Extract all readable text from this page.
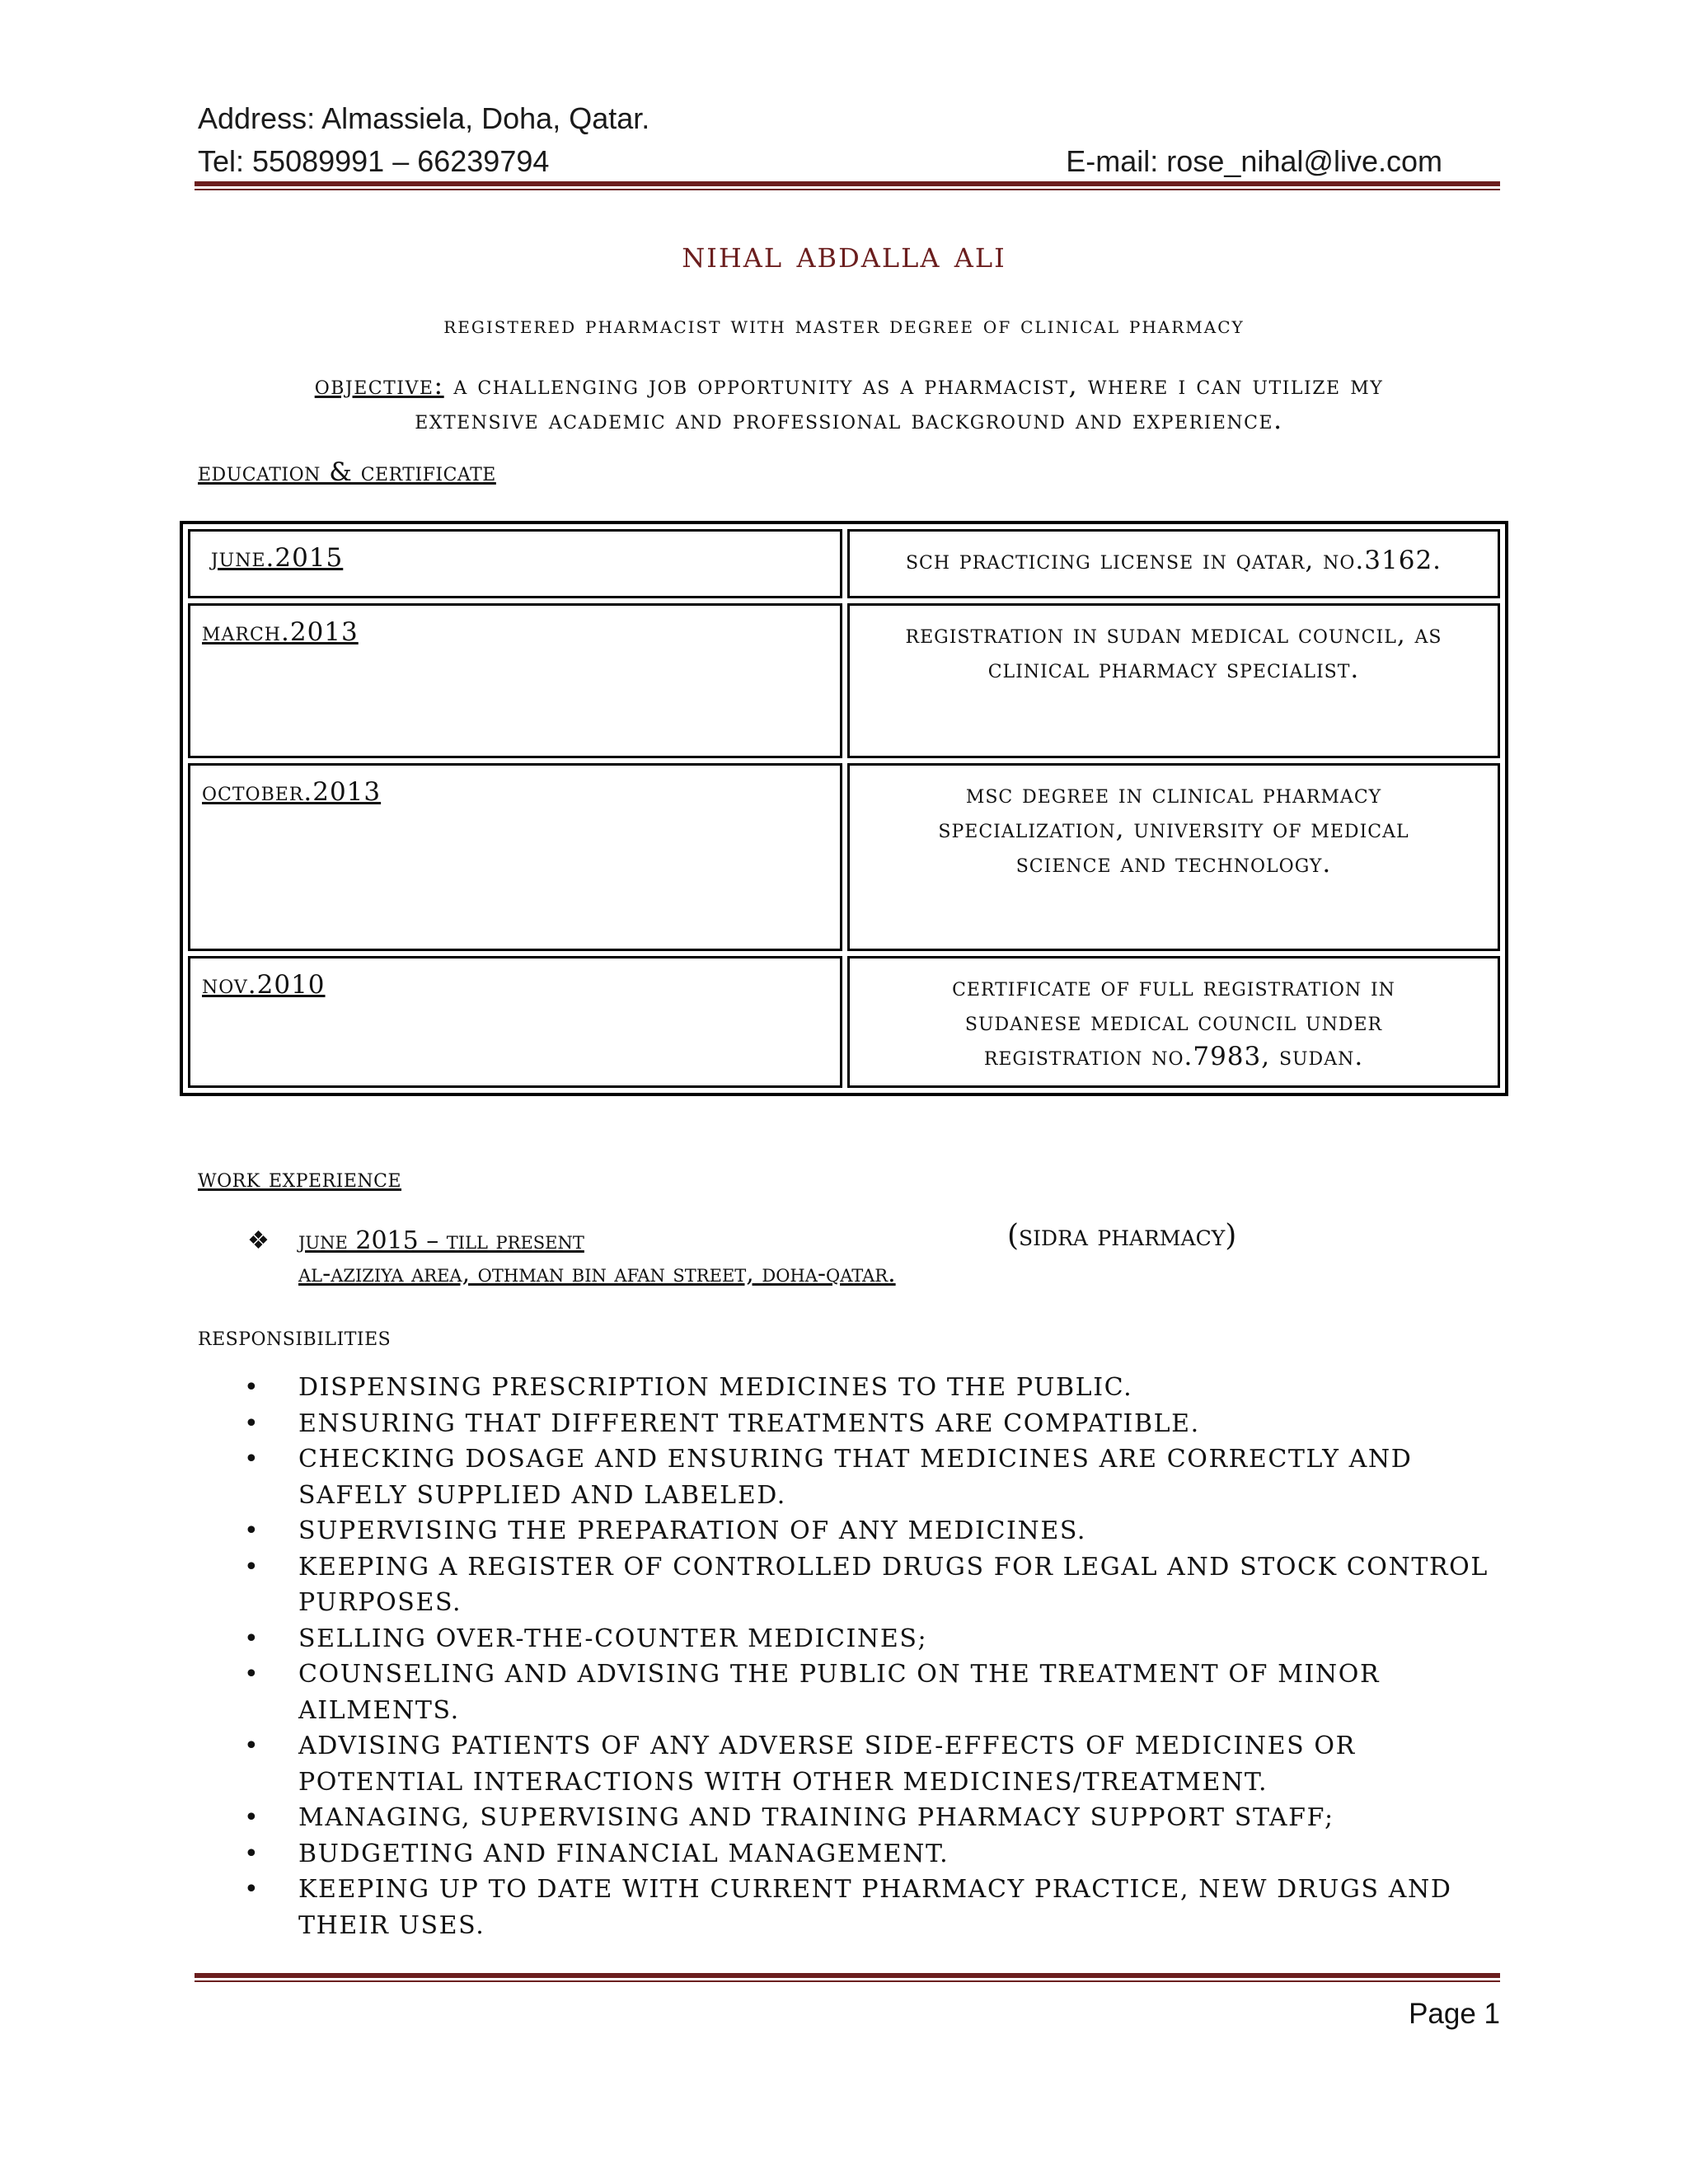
Address: Almassiela, Doha, Qatar.
Tel: 55089991 – 66239794	E-mail: rose_nihal@live.com
nihal abdalla ali
registered pharmacist with master degree of clinical pharmacy
objective: a challenging job opportunity as a pharmacist, where i can utilize my
extensive academic and professional background and experience.
education & certificate
june.2015	sch practicing license in qatar, no.3162.

march.2013	registration in sudan medical council, as
clinical pharmacy specialist.

october.2013	msc degree in clinical pharmacy
specialization, university of medical
science and technology.

nov.2010	certificate of full registration in
sudanese medical council under
registration no.7983, sudan.
work experience
❖ june 2015 – till present	(sidra pharmacy)
al-aziziya area, othman bin afan street, doha-qatar.
responsibilities
• DISPENSING PRESCRIPTION MEDICINES TO THE PUBLIC.
• ENSURING THAT DIFFERENT TREATMENTS ARE COMPATIBLE.
• CHECKING DOSAGE AND ENSURING THAT MEDICINES ARE CORRECTLY AND SAFELY SUPPLIED AND LABELED.
• SUPERVISING THE PREPARATION OF ANY MEDICINES.
• KEEPING A REGISTER OF CONTROLLED DRUGS FOR LEGAL AND STOCK CONTROL PURPOSES.
• SELLING OVER-THE-COUNTER MEDICINES;
• COUNSELING AND ADVISING THE PUBLIC ON THE TREATMENT OF MINOR AILMENTS.
• ADVISING PATIENTS OF ANY ADVERSE SIDE-EFFECTS OF MEDICINES OR POTENTIAL INTERACTIONS WITH OTHER MEDICINES/TREATMENT.
• MANAGING, SUPERVISING AND TRAINING PHARMACY SUPPORT STAFF;
• BUDGETING AND FINANCIAL MANAGEMENT.
• KEEPING UP TO DATE WITH CURRENT PHARMACY PRACTICE, NEW DRUGS AND THEIR USES.
Page 1
